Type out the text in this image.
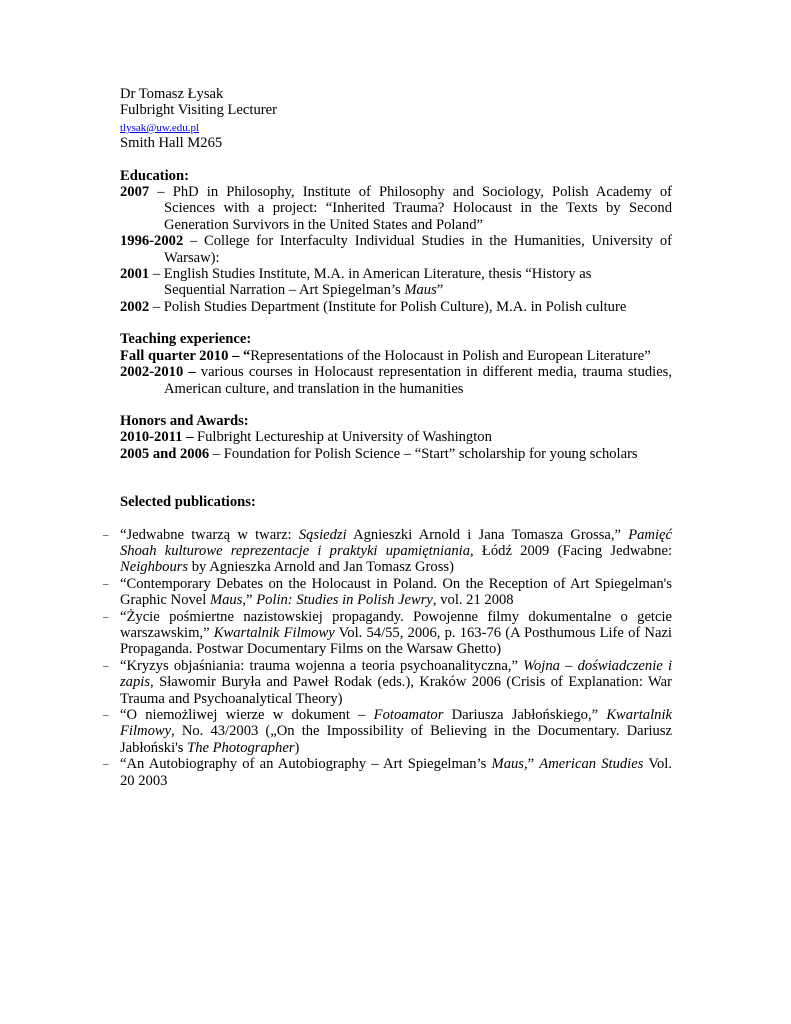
Dr Tomasz Łysak
Fulbright Visiting Lecturer
tlysak@uw.edu.pl
Smith Hall M265
Education:
2007 – PhD in Philosophy, Institute of Philosophy and Sociology, Polish Academy of Sciences with a project: “Inherited Trauma? Holocaust in the Texts by Second Generation Survivors in the United States and Poland”
1996-2002 – College for Interfaculty Individual Studies in the Humanities, University of Warsaw):
2001 – English Studies Institute, M.A. in American Literature, thesis “History as Sequential Narration – Art Spiegelman’s Maus”
2002 – Polish Studies Department (Institute for Polish Culture), M.A. in Polish culture
Teaching experience:
Fall quarter 2010 – “Representations of the Holocaust in Polish and European Literature”
2002-2010 – various courses in Holocaust representation in different media, trauma studies, American culture, and translation in the humanities
Honors and Awards:
2010-2011 – Fulbright Lectureship at University of Washington
2005 and 2006 – Foundation for Polish Science – “Start” scholarship for young scholars
Selected publications:
– “Jedwabne twarzą w twarz: Sąsiedzi Agnieszki Arnold i Jana Tomasza Grossa,” Pamięć Shoah kulturowe reprezentacje i praktyki upamiętniania, Łódź 2009 (Facing Jedwabne: Neighbours by Agnieszka Arnold and Jan Tomasz Gross)
– “Contemporary Debates on the Holocaust in Poland. On the Reception of Art Spiegelman's Graphic Novel Maus,” Polin: Studies in Polish Jewry, vol. 21 2008
– “Życie pośmiertne nazistowskiej propagandy. Powojenne filmy dokumentalne o getcie warszawskim,” Kwartalnik Filmowy Vol. 54/55, 2006, p. 163-76 (A Posthumous Life of Nazi Propaganda. Postwar Documentary Films on the Warsaw Ghetto)
– “Kryzys objaśniania: trauma wojenna a teoria psychoanalityczna,” Wojna – doświadczenie i zapis, Sławomir Buryła and Paweł Rodak (eds.), Kraków 2006 (Crisis of Explanation: War Trauma and Psychoanalytical Theory)
– “O niemożliwej wierze w dokument – Fotoamator Dariusza Jabłońskiego,” Kwartalnik Filmowy, No. 43/2003 („On the Impossibility of Believing in the Documentary. Dariusz Jabłoński's The Photographer)
– “An Autobiography of an Autobiography – Art Spiegelman’s Maus,” American Studies Vol. 20 2003
